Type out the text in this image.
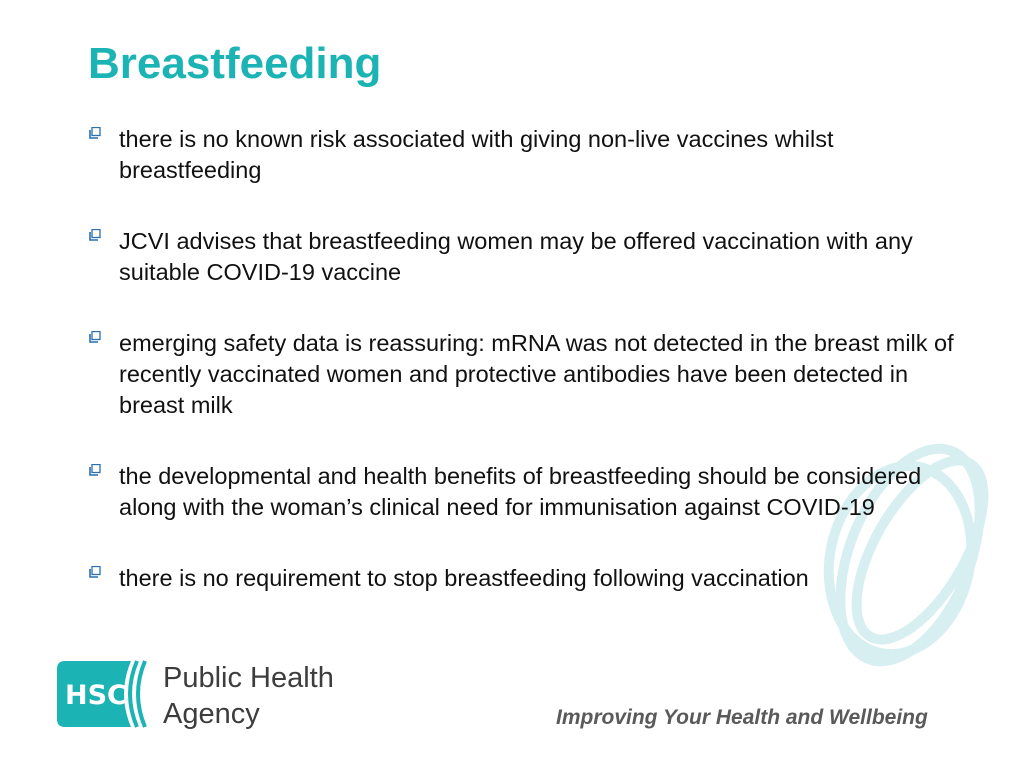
Breastfeeding
there is no known risk associated with giving non-live vaccines whilst breastfeeding
JCVI advises that breastfeeding women may be offered vaccination with any suitable COVID-19 vaccine
emerging safety data is reassuring: mRNA was not detected in the breast milk of recently vaccinated women and protective antibodies have been detected in breast milk
the developmental and health benefits of breastfeeding should be considered along with the woman’s clinical need for immunisation against COVID-19
there is no requirement to stop breastfeeding following vaccination
HSC
Public Health
Agency	Improving Your Health and Wellbeing
